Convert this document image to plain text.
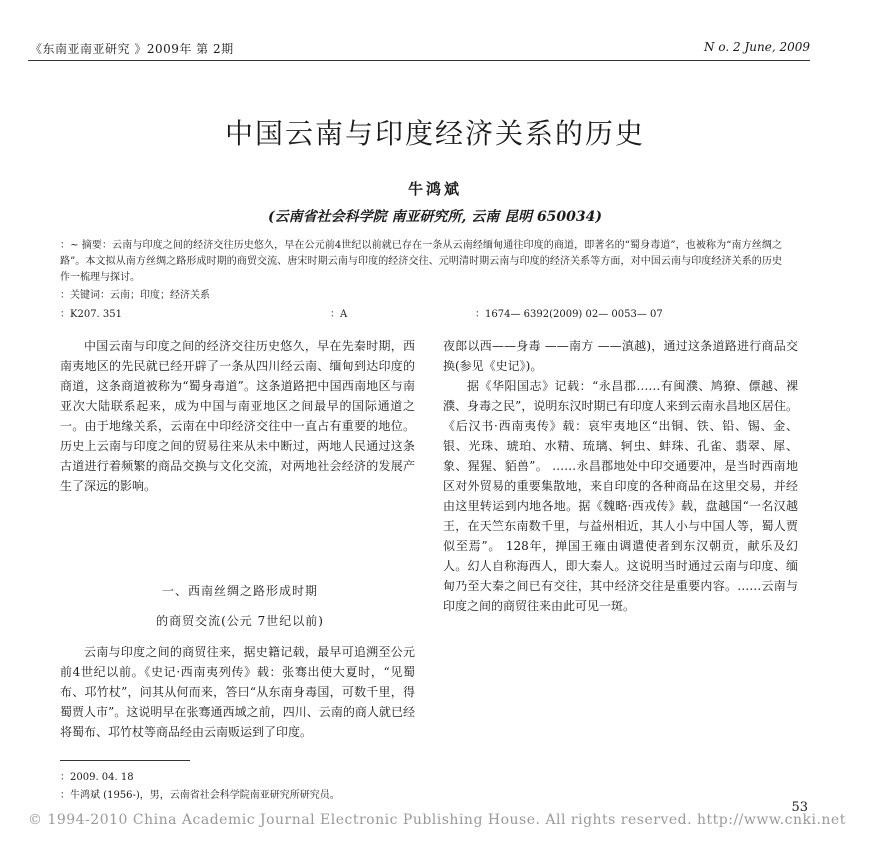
《东南亚南亚研究 》2009年 第 2期	N o. 2 June, 2009
中国云南与印度经济关系的历史
牛鸿斌
(云南省社会科学院 南亚研究所, 云南 昆明 650034)
：~ 摘要：云南与印度之间的经济交往历史悠久，早在公元前4世纪以前就已存在一条从云南经缅甸通往印度的商道，即著名的“蜀身毒道”，也被称为“南方丝绸之路”。本文拟从南方丝绸之路形成时期的商贸交流、唐宋时期云南与印度的经济交往、元明清时期云南与印度的经济关系等方面，对中国云南与印度经济关系的历史作一梳理与探讨。
：关键词：云南；印度；经济关系
：K207. 351	：A	：1674— 6392(2009) 02— 0053— 07

中国云南与印度之间的经济交往历史悠久，早在先秦时期，西南夷地区的先民就已经开辟了一条从四川经云南、缅甸到达印度的商道，这条商道被称为“蜀身毒道”。这条道路把中国西南地区与南亚次大陆联系起来，成为中国与南亚地区之间最早的国际通道之一。由于地缘关系，云南在中印经济交往中一直占有重要的地位。历史上云南与印度之间的贸易往来从未中断过，两地人民通过这条古道进行着频繁的商品交换与文化交流，对两地社会经济的发展产生了深远的影响。

一、西南丝绸之路形成时期
的商贸交流(公元 7世纪以前)

云南与印度之间的商贸往来，据史籍记载，最早可追溯至公元前4世纪以前。《史记·西南夷列传》载：张骞出使大夏时，“见蜀布、邛竹杖”，问其从何而来，答曰“从东南身毒国，可数千里，得蜀贾人市”。这说明早在张骞通西域之前，四川、云南的商人就已经将蜀布、邛竹杖等商品经由云南贩运到了印度。

夜郎以西——身毒 ——南方 ——滇越)，通过这条道路进行商品交换(参见《史记》)。

据《华阳国志》记载：“永昌郡……有闽濮、鸠獠、僄越、裸濮、身毒之民”，说明东汉时期已有印度人来到云南永昌地区居住。《后汉书·西南夷传》载：哀牢夷地区“出铜、铁、铅、锡、金、银、光珠、琥珀、水精、琉璃、轲虫、蚌珠、孔雀、翡翠、犀、象、猩猩、貊兽”。 ……永昌郡地处中印交通要冲，是当时西南地区对外贸易的重要集散地，来自印度的各种商品在这里交易，并经由这里转运到内地各地。据《魏略·西戎传》载，盘越国“一名汉越王，在天竺东南数千里，与益州相近，其人小与中国人等，蜀人贾似至焉”。 128年，掸国王雍由调遣使者到东汉朝贡，献乐及幻人。幻人自称海西人，即大秦人。这说明当时通过云南与印度、缅甸乃至大秦之间已有交往，其中经济交往是重要内容。……云南与印度之间的商贸往来由此可见一斑。

：2009. 04. 18
：牛鸿斌 (1956-)，男，云南省社会科学院南亚研究所研究员。
53
© 1994-2010 China Academic Journal Electronic Publishing House. All rights reserved. http://www.cnki.net
